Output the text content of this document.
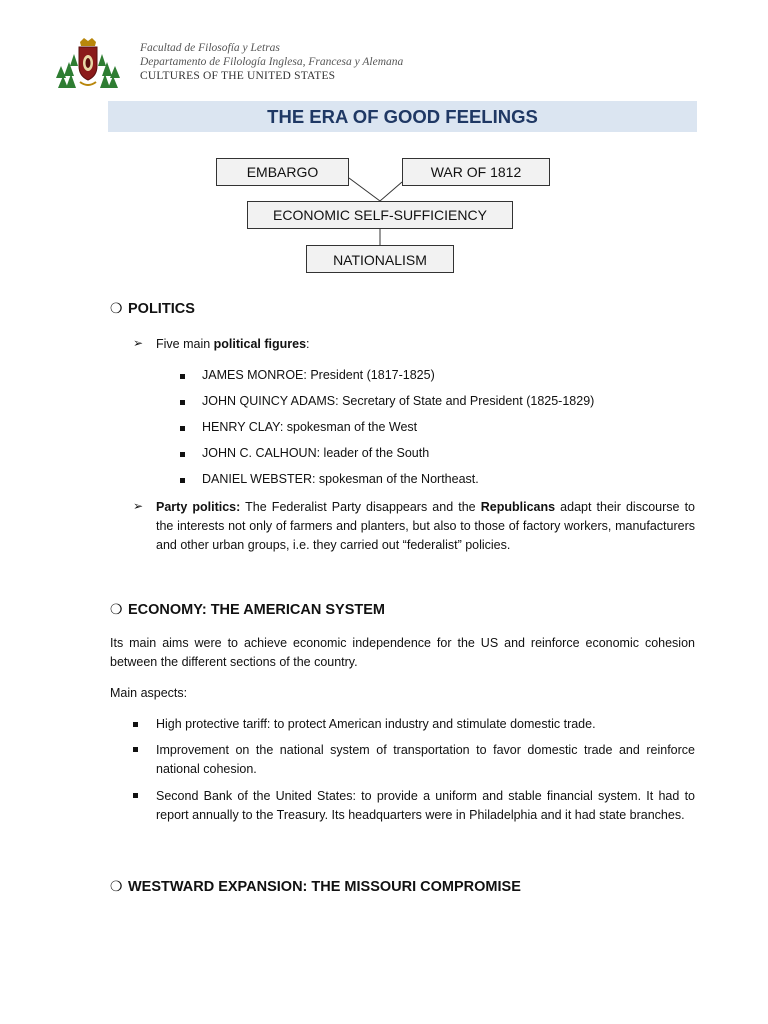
Facultad de Filosofía y Letras
Departamento de Filología Inglesa, Francesa y Alemana
CULTURES OF THE UNITED STATES
THE ERA OF GOOD FEELINGS
EMBARGO	WAR OF 1812
ECONOMIC SELF-SUFFICIENCY
NATIONALISM
❍ POLITICS
➢ Five main political figures:
JAMES MONROE: President (1817-1825)
JOHN QUINCY ADAMS: Secretary of State and President (1825-1829)
HENRY CLAY: spokesman of the West
JOHN C. CALHOUN: leader of the South
DANIEL WEBSTER: spokesman of the Northeast.
➢ Party politics: The Federalist Party disappears and the Republicans adapt their discourse to the interests not only of farmers and planters, but also to those of factory workers, manufacturers and other urban groups, i.e. they carried out “federalist” policies.
❍ ECONOMY: THE AMERICAN SYSTEM
Its main aims were to achieve economic independence for the US and reinforce economic cohesion between the different sections of the country.
Main aspects:
High protective tariff: to protect American industry and stimulate domestic trade.
Improvement on the national system of transportation to favor domestic trade and reinforce national cohesion.
Second Bank of the United States: to provide a uniform and stable financial system. It had to report annually to the Treasury. Its headquarters were in Philadelphia and it had state branches.
❍ WESTWARD EXPANSION: THE MISSOURI COMPROMISE
